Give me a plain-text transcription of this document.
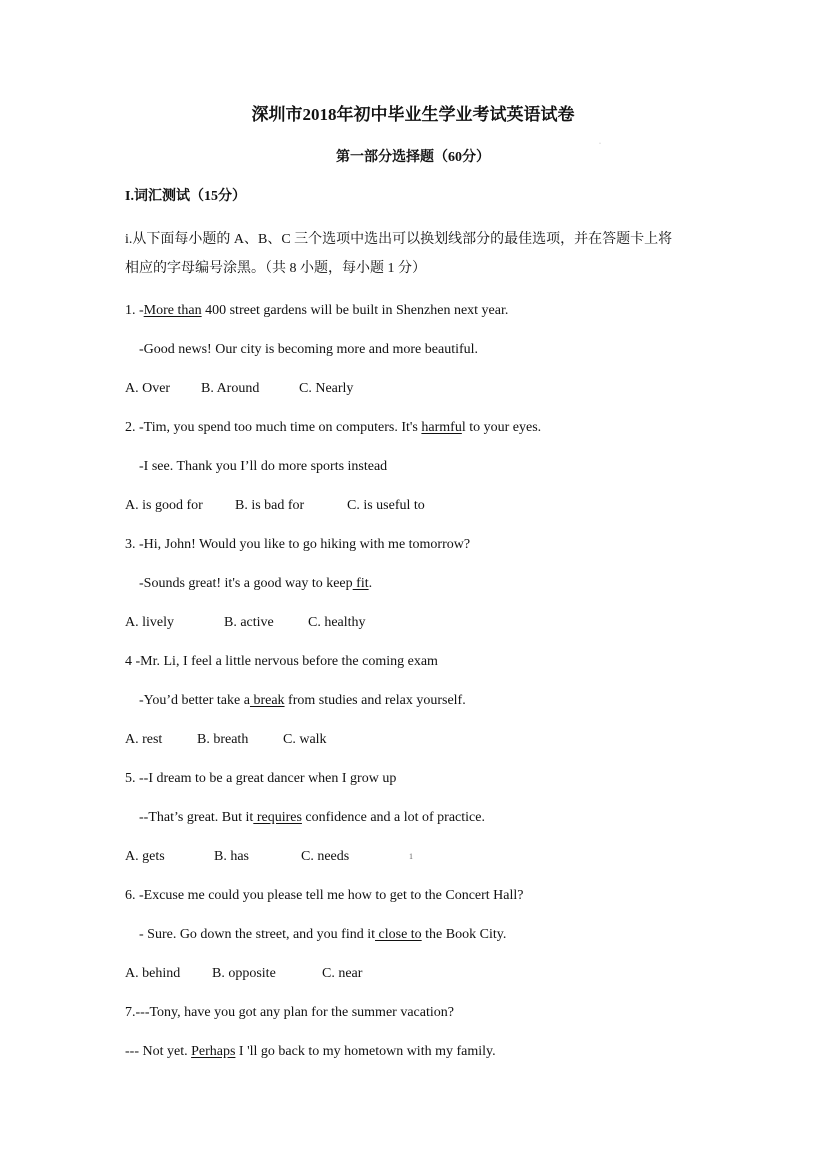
深圳市2018年初中毕业生学业考试英语试卷
·
第一部分选择题（60分）
I.词汇测试（15分）
i.从下面每小题的 A、B、C 三个选项中选出可以换划线部分的最佳选项，并在答题卡上将
相应的字母编号涂黑。（共 8 小题，每小题 1 分）
1. -More than 400 street gardens will be built in Shenzhen next year.
-Good news! Our city is becoming more and more beautiful.
A. Over B. Around	C. Nearly
2. -Tim, you spend too much time on computers. It's harmful to your eyes.
-I see. Thank you I’ll do more sports instead
A. is good for B. is bad for	C. is useful to
3. -Hi, John! Would you like to go hiking with me tomorrow?
-Sounds great! it's a good way to keep fit.
A. lively	B. active C. healthy
4 -Mr. Li, I feel a little nervous before the coming exam
-You’d better take a break from studies and relax yourself.
A. rest B. breath C. walk
5. --I dream to be a great dancer when I grow up
--That’s great. But it requires confidence and a lot of practice.
A. gets	B. has	C. needs	1
6. -Excuse me could you please tell me how to get to the Concert Hall?
- Sure. Go down the street, and you find it close to the Book City.
A. behind B. opposite	C. near
7.---Tony, have you got any plan for the summer vacation?
--- Not yet. Perhaps I 'll go back to my hometown with my family.
